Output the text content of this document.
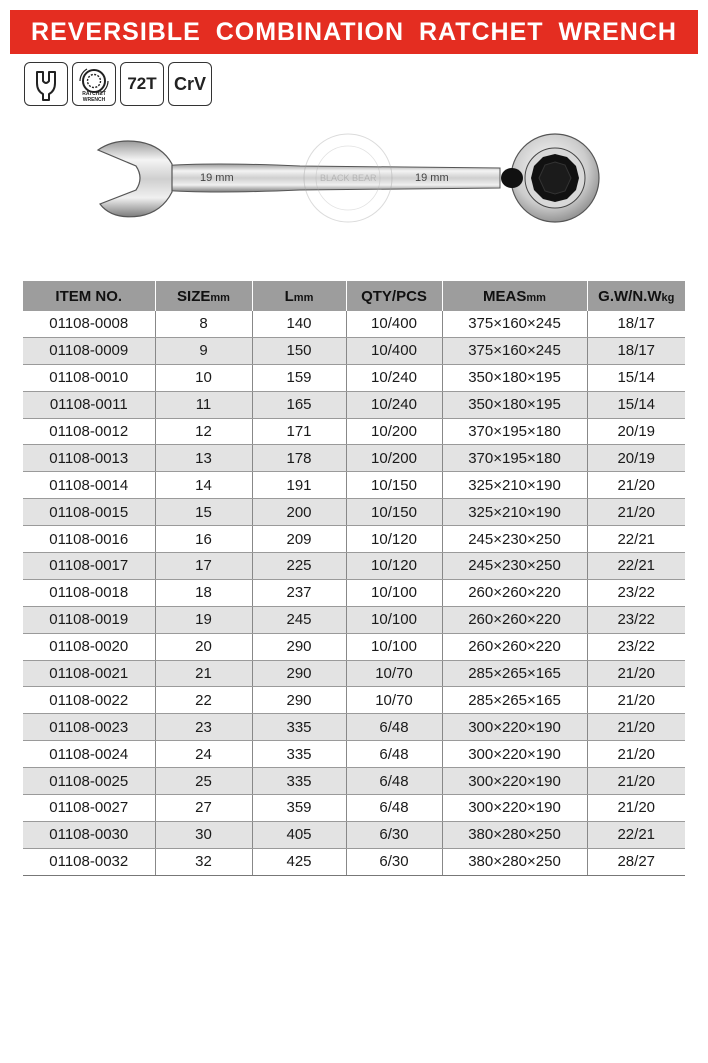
REVERSIBLE COMBINATION RATCHET WRENCH
RATCHET WRENCH
72T CrV
19 mm	19 mm
BLACK BEAR
ITEM NO.	SIZEmm	Lmm	QTY/PCS	MEASmm	G.W/N.Wkg
01108-0008	8	140	10/400	375×160×245	18/17
01108-0009	9	150	10/400	375×160×245	18/17
01108-0010	10	159	10/240	350×180×195	15/14
01108-0011	11	165	10/240	350×180×195	15/14
01108-0012	12	171	10/200	370×195×180	20/19
01108-0013	13	178	10/200	370×195×180	20/19
01108-0014	14	191	10/150	325×210×190	21/20
01108-0015	15	200	10/150	325×210×190	21/20
01108-0016	16	209	10/120	245×230×250	22/21
01108-0017	17	225	10/120	245×230×250	22/21
01108-0018	18	237	10/100	260×260×220	23/22
01108-0019	19	245	10/100	260×260×220	23/22
01108-0020	20	290	10/100	260×260×220	23/22
01108-0021	21	290	10/70	285×265×165	21/20
01108-0022	22	290	10/70	285×265×165	21/20
01108-0023	23	335	6/48	300×220×190	21/20
01108-0024	24	335	6/48	300×220×190	21/20
01108-0025	25	335	6/48	300×220×190	21/20
01108-0027	27	359	6/48	300×220×190	21/20
01108-0030	30	405	6/30	380×280×250	22/21
01108-0032	32	425	6/30	380×280×250	28/27
